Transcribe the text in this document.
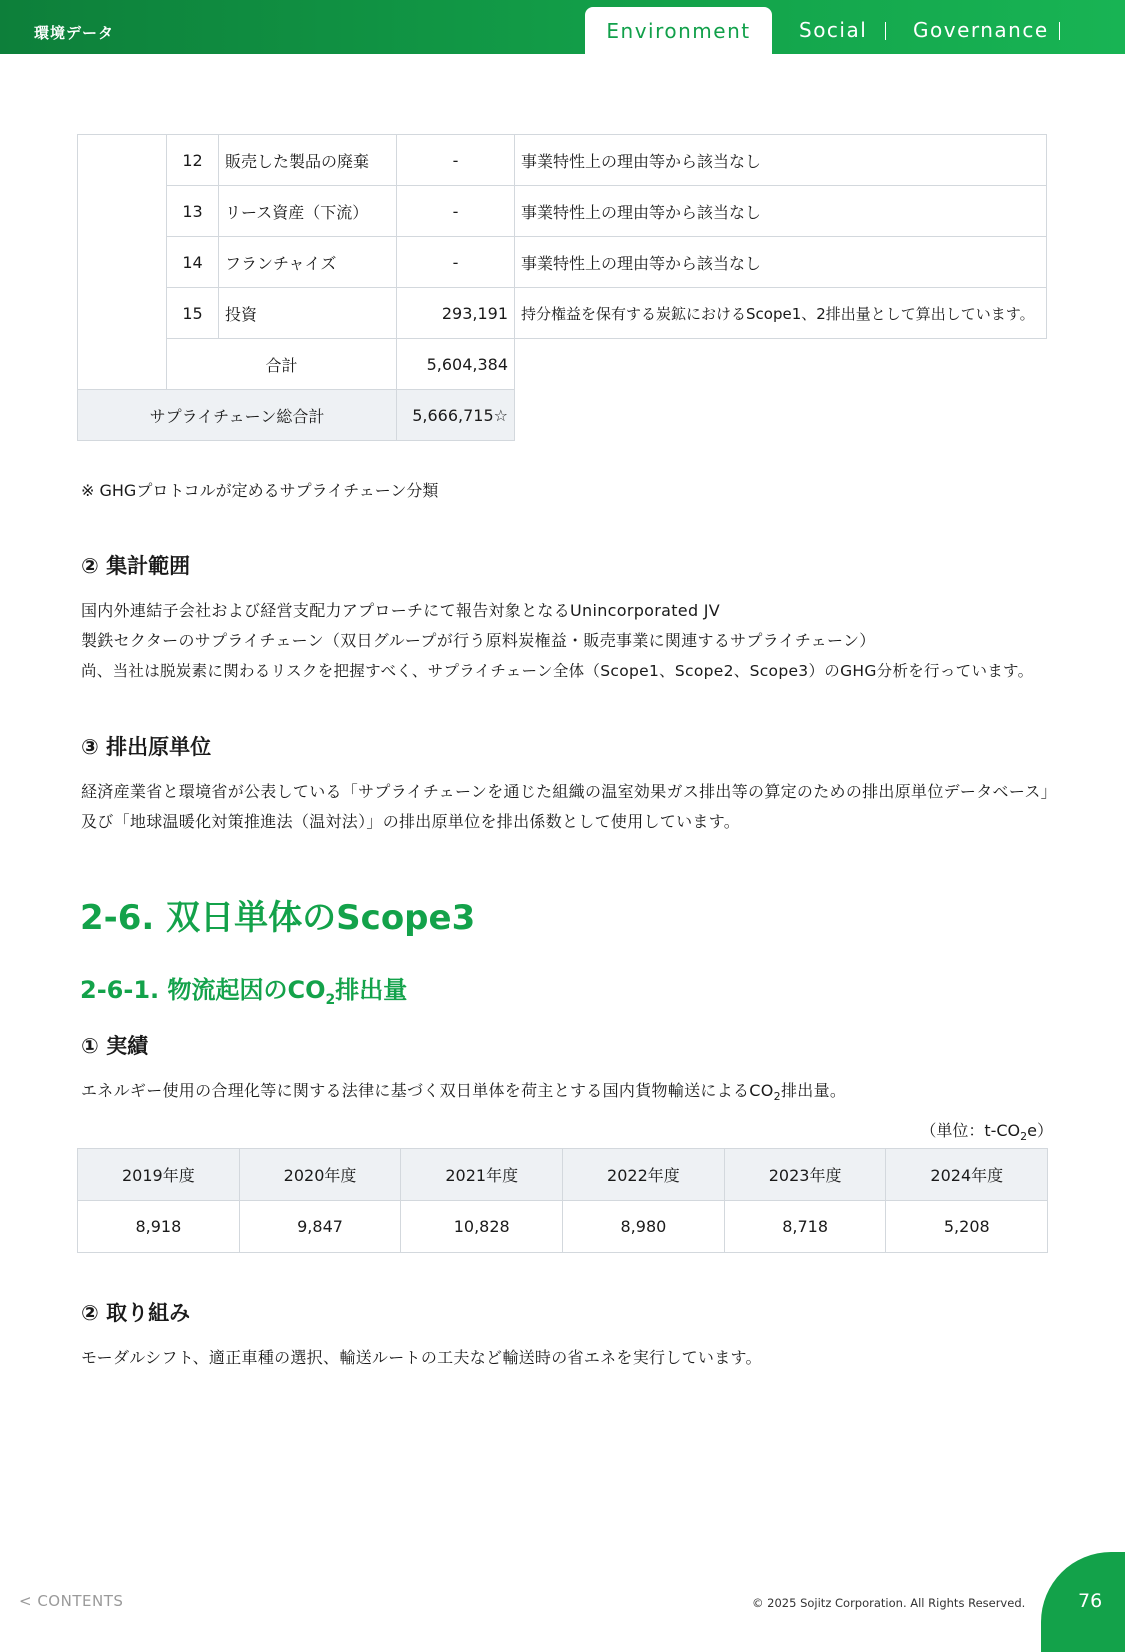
環境データ	Environment	Social Governance
	12	販売した製品の廃棄	-	事業特性上の理由等から該当なし
	13	リース資産（下流）	-	事業特性上の理由等から該当なし
	14	フランチャイズ	-	事業特性上の理由等から該当なし
	15	投資	293,191	持分権益を保有する炭鉱におけるScope1、2排出量として算出しています。
	合計		5,604,384	
サプライチェーン総合計			5,666,715☆	
※ GHGプロトコルが定めるサプライチェーン分類
② 集計範囲
国内外連結子会社および経営支配力アプローチにて報告対象となるUnincorporated JV
製鉄セクターのサプライチェーン（双日グループが行う原料炭権益・販売事業に関連するサプライチェーン）
尚、当社は脱炭素に関わるリスクを把握すべく、サプライチェーン全体（Scope1、Scope2、Scope3）のGHG分析を行っています。
③ 排出原単位

経済産業省と環境省が公表している「サプライチェーンを通じた組織の温室効果ガス排出等の算定のための排出原単位データベース」及び「地球温暖化対策推進法（温対法）」の排出原単位を排出係数として使用しています。

2-6. 双日単体のScope3
2-6-1. 物流起因の$CO_2$排出量
① 実績
エネルギー使用の合理化等に関する法律に基づく双日単体を荷主とする国内貨物輸送による$CO_2$排出量。
（単位：$t-CO_2e$）
2019年度	2020年度	2021年度	2022年度	2023年度	2024年度
8,918	9,847	10,828	8,980	8,718	5,208
② 取り組み

モーダルシフト、適正車種の選択、輸送ルートの工夫など輸送時の省エネを実行しています。

< CONTENTS	© 2025 Sojitz Corporation. All Rights Reserved.	76
